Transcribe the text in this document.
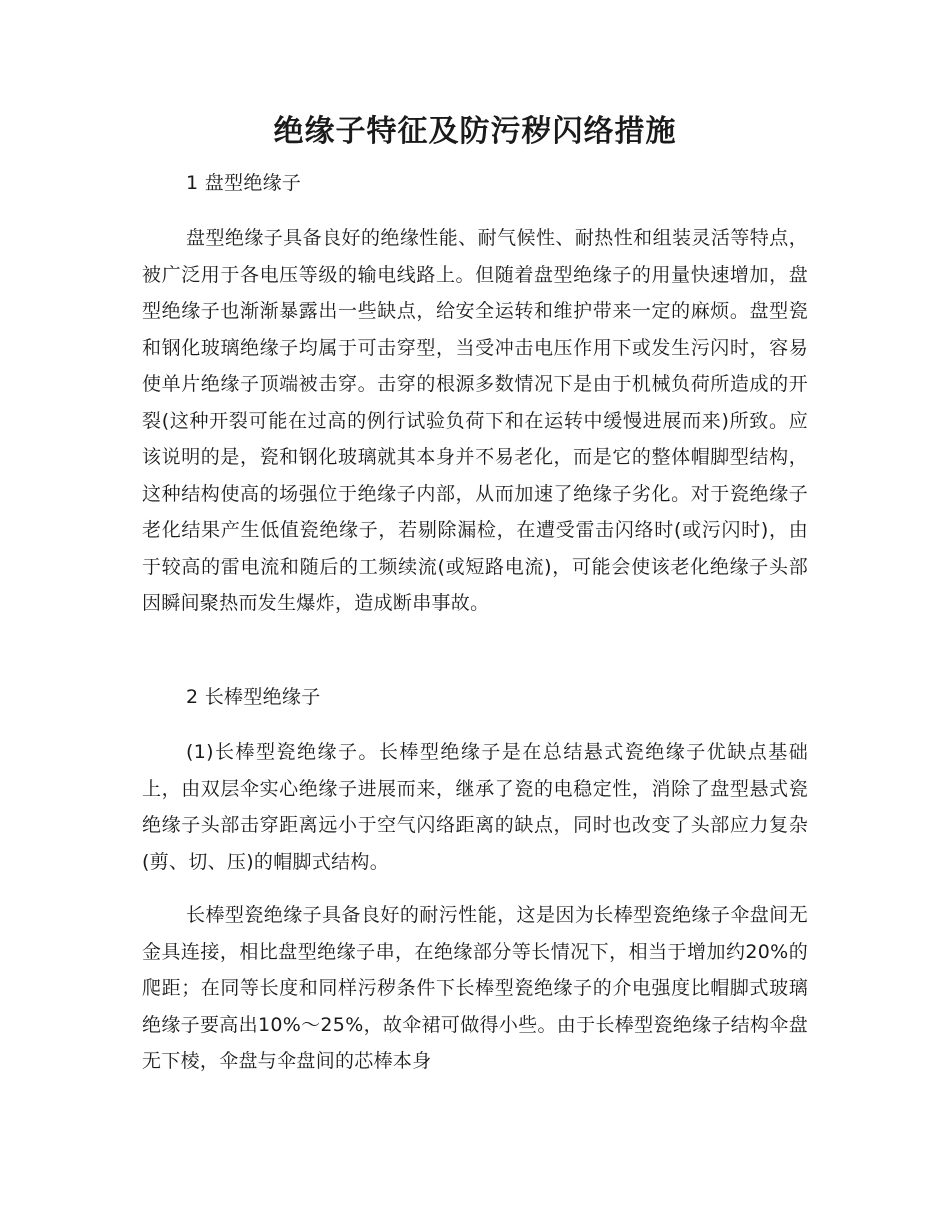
绝缘子特征及防污秽闪络措施
1 盘型绝缘子

盘型绝缘子具备良好的绝缘性能、耐气候性、耐热性和组装灵活等特点，被广泛用于各电压等级的输电线路上。但随着盘型绝缘子的用量快速增加，盘型绝缘子也渐渐暴露出一些缺点，给安全运转和维护带来一定的麻烦。盘型瓷和钢化玻璃绝缘子均属于可击穿型，当受冲击电压作用下或发生污闪时，容易使单片绝缘子顶端被击穿。击穿的根源多数情况下是由于机械负荷所造成的开裂(这种开裂可能在过高的例行试验负荷下和在运转中缓慢进展而来)所致。应该说明的是，瓷和钢化玻璃就其本身并不易老化，而是它的整体帽脚型结构，这种结构使高的场强位于绝缘子内部，从而加速了绝缘子劣化。对于瓷绝缘子老化结果产生低值瓷绝缘子，若剔除漏检，在遭受雷击闪络时(或污闪时)，由于较高的雷电流和随后的工频续流(或短路电流)，可能会使该老化绝缘子头部因瞬间聚热而发生爆炸，造成断串事故。

2 长棒型绝缘子

(1)长棒型瓷绝缘子。长棒型绝缘子是在总结悬式瓷绝缘子优缺点基础上，由双层伞实心绝缘子进展而来，继承了瓷的电稳定性，消除了盘型悬式瓷绝缘子头部击穿距离远小于空气闪络距离的缺点，同时也改变了头部应力复杂(剪、切、压)的帽脚式结构。

长棒型瓷绝缘子具备良好的耐污性能，这是因为长棒型瓷绝缘子伞盘间无金具连接，相比盘型绝缘子串，在绝缘部分等长情况下，相当于增加约20%的爬距；在同等长度和同样污秽条件下长棒型瓷绝缘子的介电强度比帽脚式玻璃绝缘子要高出10%～25%，故伞裙可做得小些。由于长棒型瓷绝缘子结构伞盘无下棱，伞盘与伞盘间的芯棒本身
